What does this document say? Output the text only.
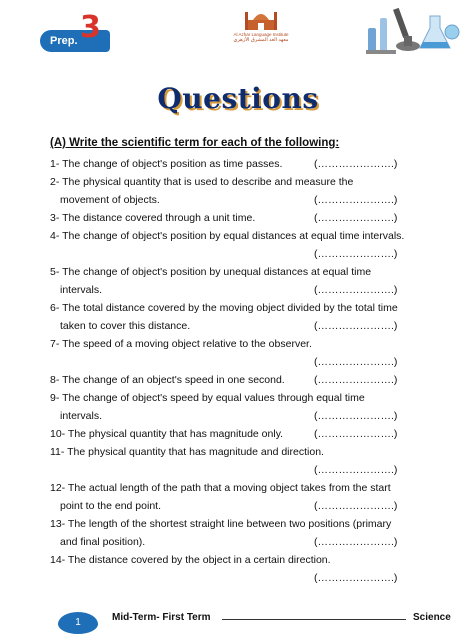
Prep. 3	Al Azhar Language Institute
معهد الغد المشرق الأزهري
Questions
(A) Write the scientific term for each of the following:
1- The change of object's position as time passes.	(………………….)
2- The physical quantity that is used to describe and measure the
movement of objects.	(………………….)
3- The distance covered through a unit time.	(………………….)
4- The change of object's position by equal distances at equal time intervals.
(………………….)
5- The change of object's position by unequal distances at equal time
intervals.	(………………….)
6- The total distance covered by the moving object divided by the total time
taken to cover this distance.	(………………….)
7- The speed of a moving object relative to the observer.
(………………….)
8- The change of an object's speed in one second.	(………………….)
9- The change of object's speed by equal values through equal time
intervals.	(………………….)
10- The physical quantity that has magnitude only.	(………………….)
11- The physical quantity that has magnitude and direction.
(………………….)
12- The actual length of the path that a moving object takes from the start
point to the end point.	(………………….)
13- The length of the shortest straight line between two positions (primary
and final position).	(………………….)
14- The distance covered by the object in a certain direction.
(………………….)
1	Mid-Term- First Term	Science
